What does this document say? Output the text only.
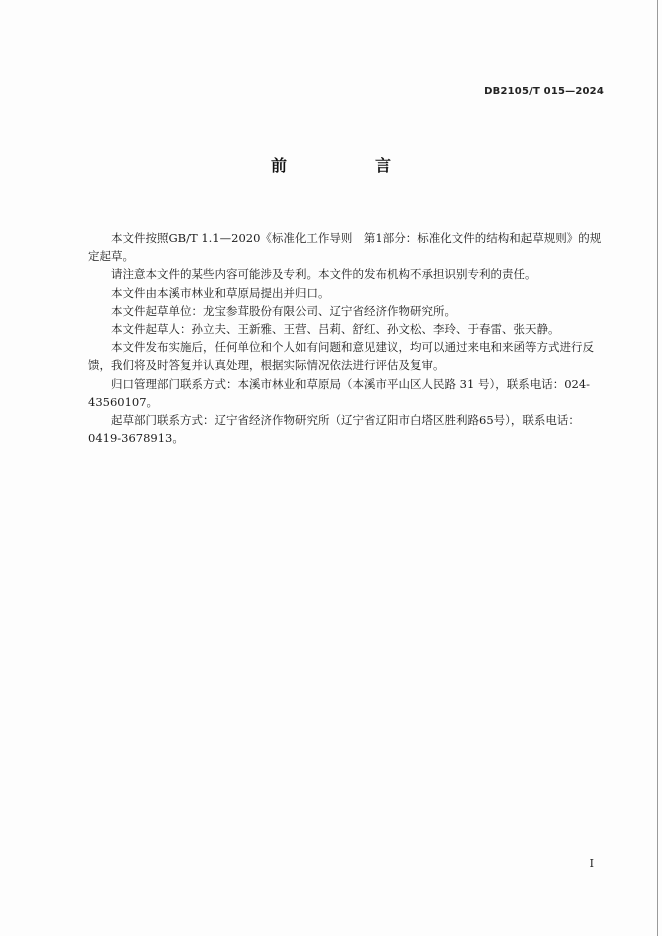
DB2105/T 015—2024
前　言

本文件按照GB/T 1.1—2020《标准化工作导则　第1部分：标准化文件的结构和起草规则》的规定起草。

请注意本文件的某些内容可能涉及专利。本文件的发布机构不承担识别专利的责任。

本文件由本溪市林业和草原局提出并归口。

本文件起草单位：龙宝参茸股份有限公司、辽宁省经济作物研究所。

本文件起草人：孙立夫、王新雅、王营、吕莉、舒红、孙文松、李玲、于春雷、张天静。

本文件发布实施后，任何单位和个人如有问题和意见建议，均可以通过来电和来函等方式进行反馈，我们将及时答复并认真处理，根据实际情况依法进行评估及复审。

归口管理部门联系方式：本溪市林业和草原局（本溪市平山区人民路 31 号），联系电话：024-43560107。

起草部门联系方式：辽宁省经济作物研究所（辽宁省辽阳市白塔区胜利路65号），联系电话：0419-3678913。

I
